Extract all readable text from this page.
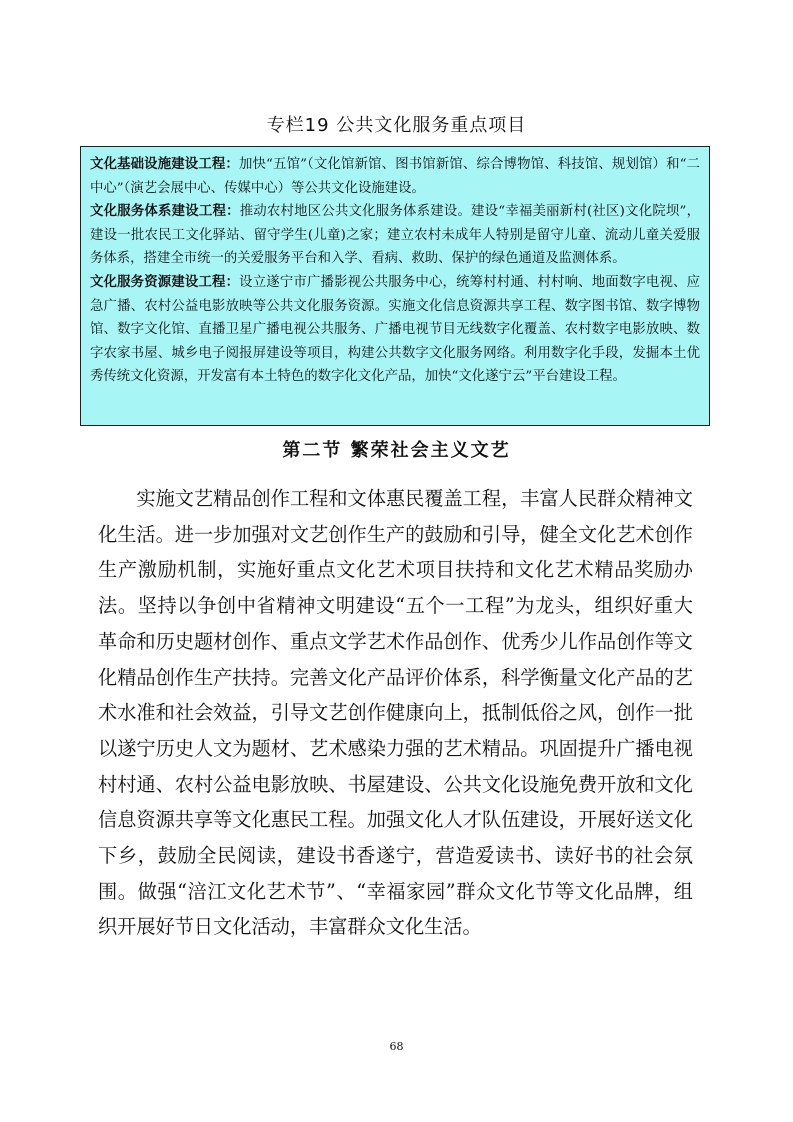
专栏19 公共文化服务重点项目

文化基础设施建设工程：加快“五馆”（文化馆新馆、图书馆新馆、综合博物馆、科技馆、规划馆）和“二中心”（演艺会展中心、传媒中心）等公共文化设施建设。

文化服务体系建设工程：推动农村地区公共文化服务体系建设。建设“幸福美丽新村(社区)文化院坝”，建设一批农民工文化驿站、留守学生(儿童)之家；建立农村未成年人特别是留守儿童、流动儿童关爱服务体系，搭建全市统一的关爱服务平台和入学、看病、救助、保护的绿色通道及监测体系。

文化服务资源建设工程：设立遂宁市广播影视公共服务中心，统筹村村通、村村响、地面数字电视、应急广播、农村公益电影放映等公共文化服务资源。实施文化信息资源共享工程、数字图书馆、数字博物馆、数字文化馆、直播卫星广播电视公共服务、广播电视节目无线数字化覆盖、农村数字电影放映、数字农家书屋、城乡电子阅报屏建设等项目，构建公共数字文化服务网络。利用数字化手段，发掘本土优秀传统文化资源，开发富有本土特色的数字化文化产品，加快“文化遂宁云”平台建设工程。

第二节 繁荣社会主义文艺

实施文艺精品创作工程和文体惠民覆盖工程，丰富人民群众精神文化生活。进一步加强对文艺创作生产的鼓励和引导，健全文化艺术创作生产激励机制，实施好重点文化艺术项目扶持和文化艺术精品奖励办法。坚持以争创中省精神文明建设“五个一工程”为龙头，组织好重大革命和历史题材创作、重点文学艺术作品创作、优秀少儿作品创作等文化精品创作生产扶持。完善文化产品评价体系，科学衡量文化产品的艺术水准和社会效益，引导文艺创作健康向上，抵制低俗之风，创作一批以遂宁历史人文为题材、艺术感染力强的艺术精品。巩固提升广播电视村村通、农村公益电影放映、书屋建设、公共文化设施免费开放和文化信息资源共享等文化惠民工程。加强文化人才队伍建设，开展好送文化下乡，鼓励全民阅读，建设书香遂宁，营造爱读书、读好书的社会氛围。做强“涪江文化艺术节”、“幸福家园”群众文化节等文化品牌，组织开展好节日文化活动，丰富群众文化生活。

68
